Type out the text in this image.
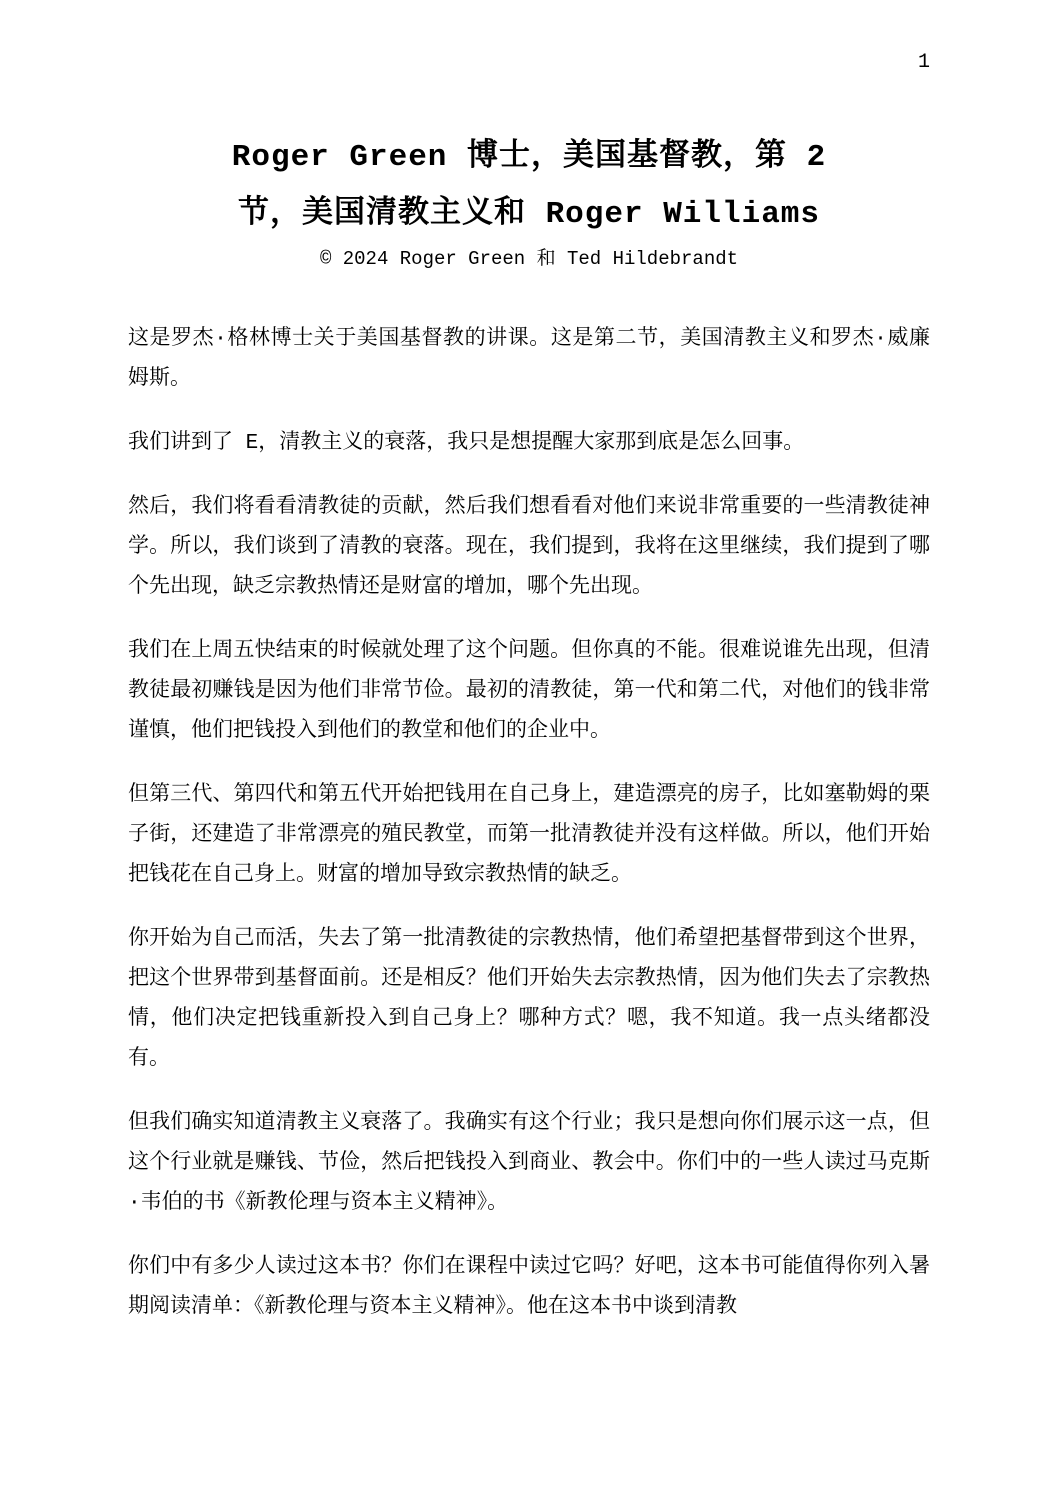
1
Roger Green 博士，美国基督教，第 2
节，美国清教主义和 Roger Williams
© 2024 Roger Green 和 Ted Hildebrandt

这是罗杰·格林博士关于美国基督教的讲课。这是第二节，美国清教主义和罗杰·威廉姆斯。

我们讲到了 E，清教主义的衰落，我只是想提醒大家那到底是怎么回事。

然后，我们将看看清教徒的贡献，然后我们想看看对他们来说非常重要的一些清教徒神学。所以，我们谈到了清教的衰落。现在，我们提到，我将在这里继续，我们提到了哪个先出现，缺乏宗教热情还是财富的增加，哪个先出现。

我们在上周五快结束的时候就处理了这个问题。但你真的不能。很难说谁先出现，但清教徒最初赚钱是因为他们非常节俭。最初的清教徒，第一代和第二代，对他们的钱非常谨慎，他们把钱投入到他们的教堂和他们的企业中。

但第三代、第四代和第五代开始把钱用在自己身上，建造漂亮的房子，比如塞勒姆的栗子街，还建造了非常漂亮的殖民教堂，而第一批清教徒并没有这样做。所以，他们开始把钱花在自己身上。财富的增加导致宗教热情的缺乏。

你开始为自己而活，失去了第一批清教徒的宗教热情，他们希望把基督带到这个世界，把这个世界带到基督面前。还是相反？他们开始失去宗教热情，因为他们失去了宗教热情，他们决定把钱重新投入到自己身上？哪种方式？嗯，我不知道。我一点头绪都没有。

但我们确实知道清教主义衰落了。我确实有这个行业；我只是想向你们展示这一点，但这个行业就是赚钱、节俭，然后把钱投入到商业、教会中。你们中的一些人读过马克斯·韦伯的书《新教伦理与资本主义精神》。

你们中有多少人读过这本书？你们在课程中读过它吗？好吧，这本书可能值得你列入暑期阅读清单：《新教伦理与资本主义精神》。他在这本书中谈到清教
